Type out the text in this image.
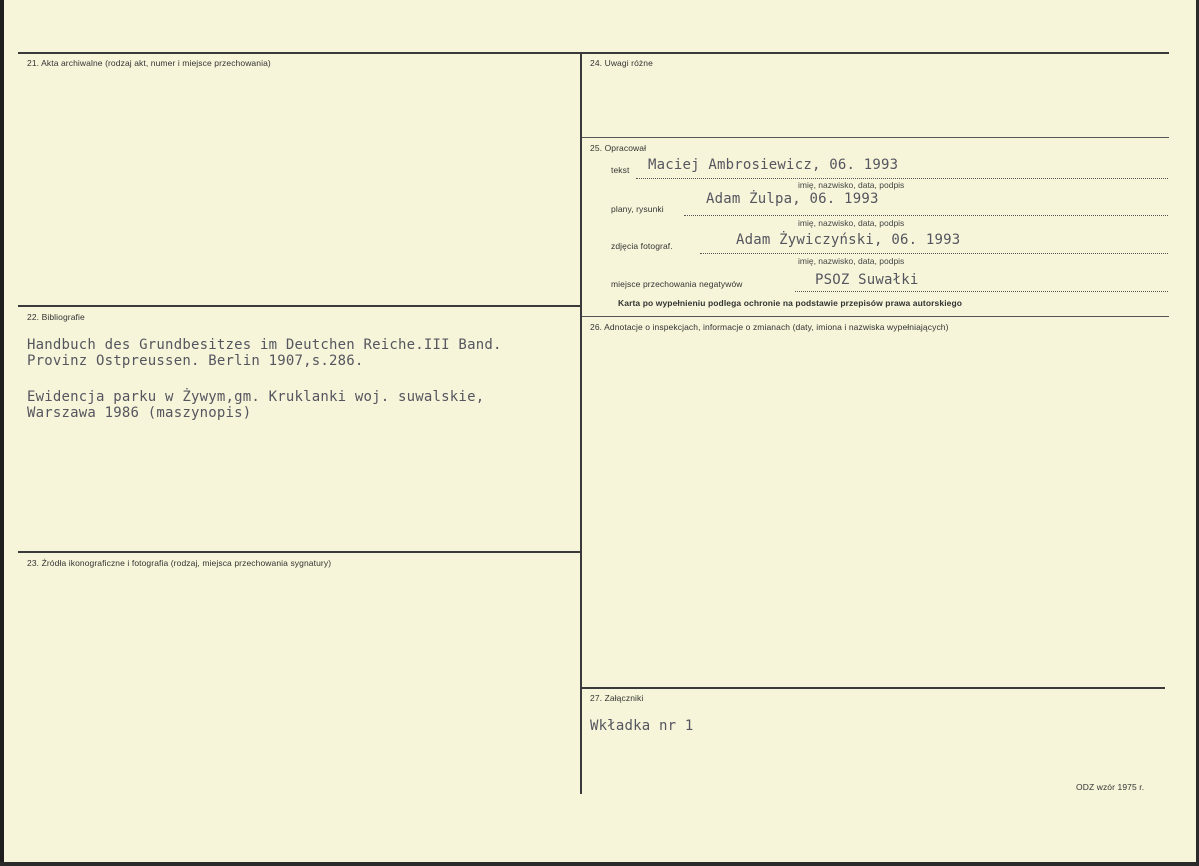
21. Akta archiwalne (rodzaj akt, numer i miejsce przechowania)
22. Bibliografie
Handbuch des Grundbesitzes im Deutchen Reiche.III Band.
Provinz Ostpreussen. Berlin 1907,s.286.
Ewidencja parku w Żywym,gm. Kruklanki woj. suwalskie,
Warszawa 1986 (maszynopis)
23. Źródła ikonograficzne i fotografia (rodzaj, miejsca przechowania sygnatury)
24. Uwagi różne
25. Opracował
tekst Maciej Ambrosiewicz, 06. 1993
imię, nazwisko, data, podpis
plany, rysunki
Adam Żulpa, 06. 1993
imię, nazwisko, data, podpis
zdjęcia fotograf.	Adam Żywiczyński, 06. 1993
imię, nazwisko, data, podpis
miejsce przechowania negatywów	PSOZ Suwałki
Karta po wypełnieniu podlega ochronie na podstawie przepisów prawa autorskiego
26. Adnotacje o inspekcjach, informacje o zmianach (daty, imiona i nazwiska wypełniających)
27. Załączniki
Wkładka nr 1
ODZ wzór 1975 r.
